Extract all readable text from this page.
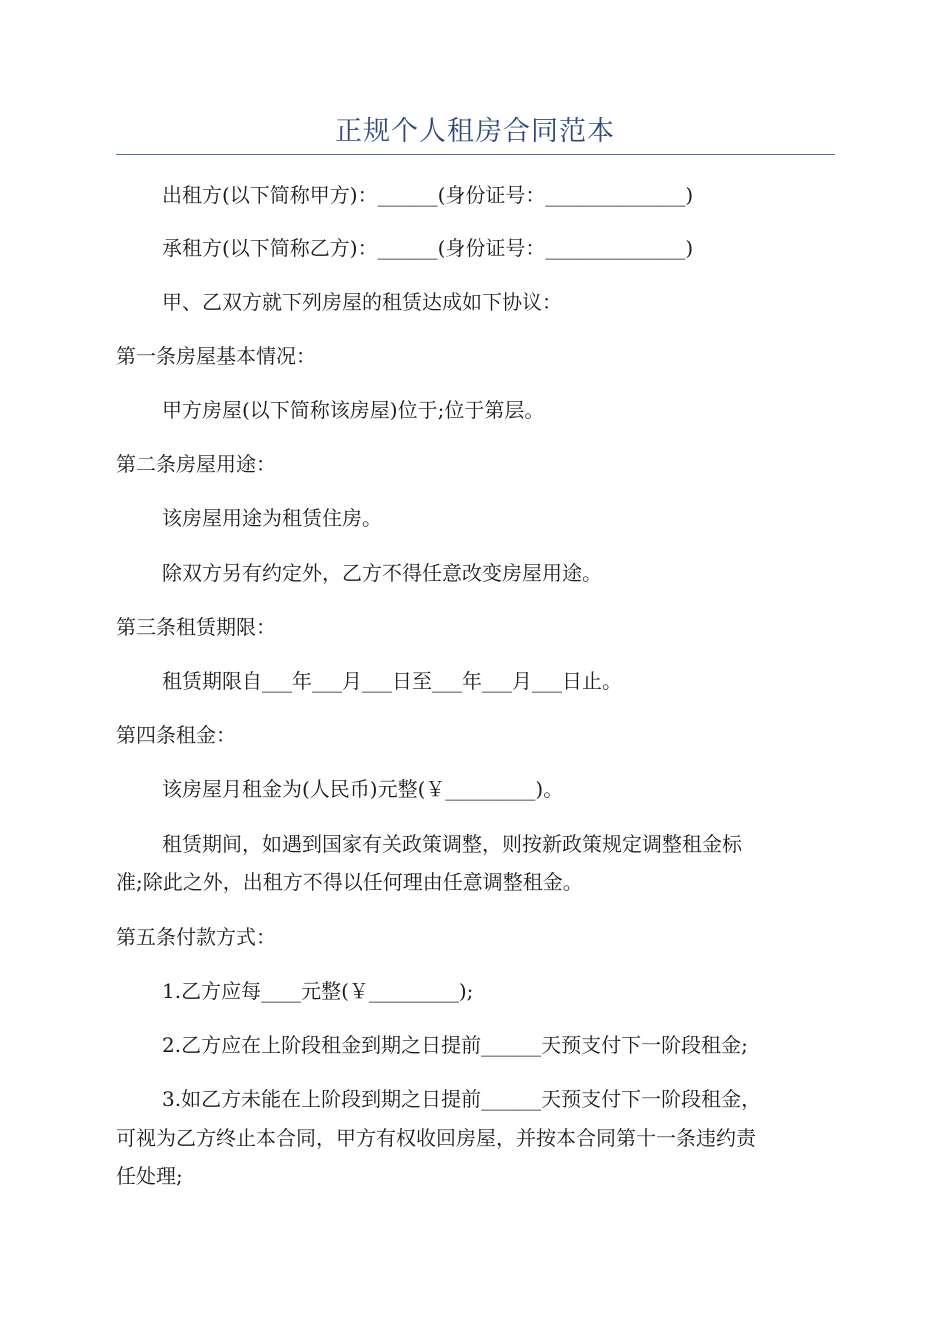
正规个人租房合同范本
出租方(以下简称甲方)：______(身份证号：______________)
承租方(以下简称乙方)：______(身份证号：______________)
甲、乙双方就下列房屋的租赁达成如下协议：
第一条房屋基本情况：
甲方房屋(以下简称该房屋)位于;位于第层。
第二条房屋用途：
该房屋用途为租赁住房。
除双方另有约定外，乙方不得任意改变房屋用途。
第三条租赁期限：
租赁期限自___年___月___日至___年___月___日止。
第四条租金：
该房屋月租金为(人民币)元整(￥_________)。
租赁期间，如遇到国家有关政策调整，则按新政策规定调整租金标
准;除此之外，出租方不得以任何理由任意调整租金。
第五条付款方式：
1.乙方应每____元整(￥_________);
2.乙方应在上阶段租金到期之日提前______天预支付下一阶段租金;
3.如乙方未能在上阶段到期之日提前______天预支付下一阶段租金，
可视为乙方终止本合同，甲方有权收回房屋，并按本合同第十一条违约责
任处理;
